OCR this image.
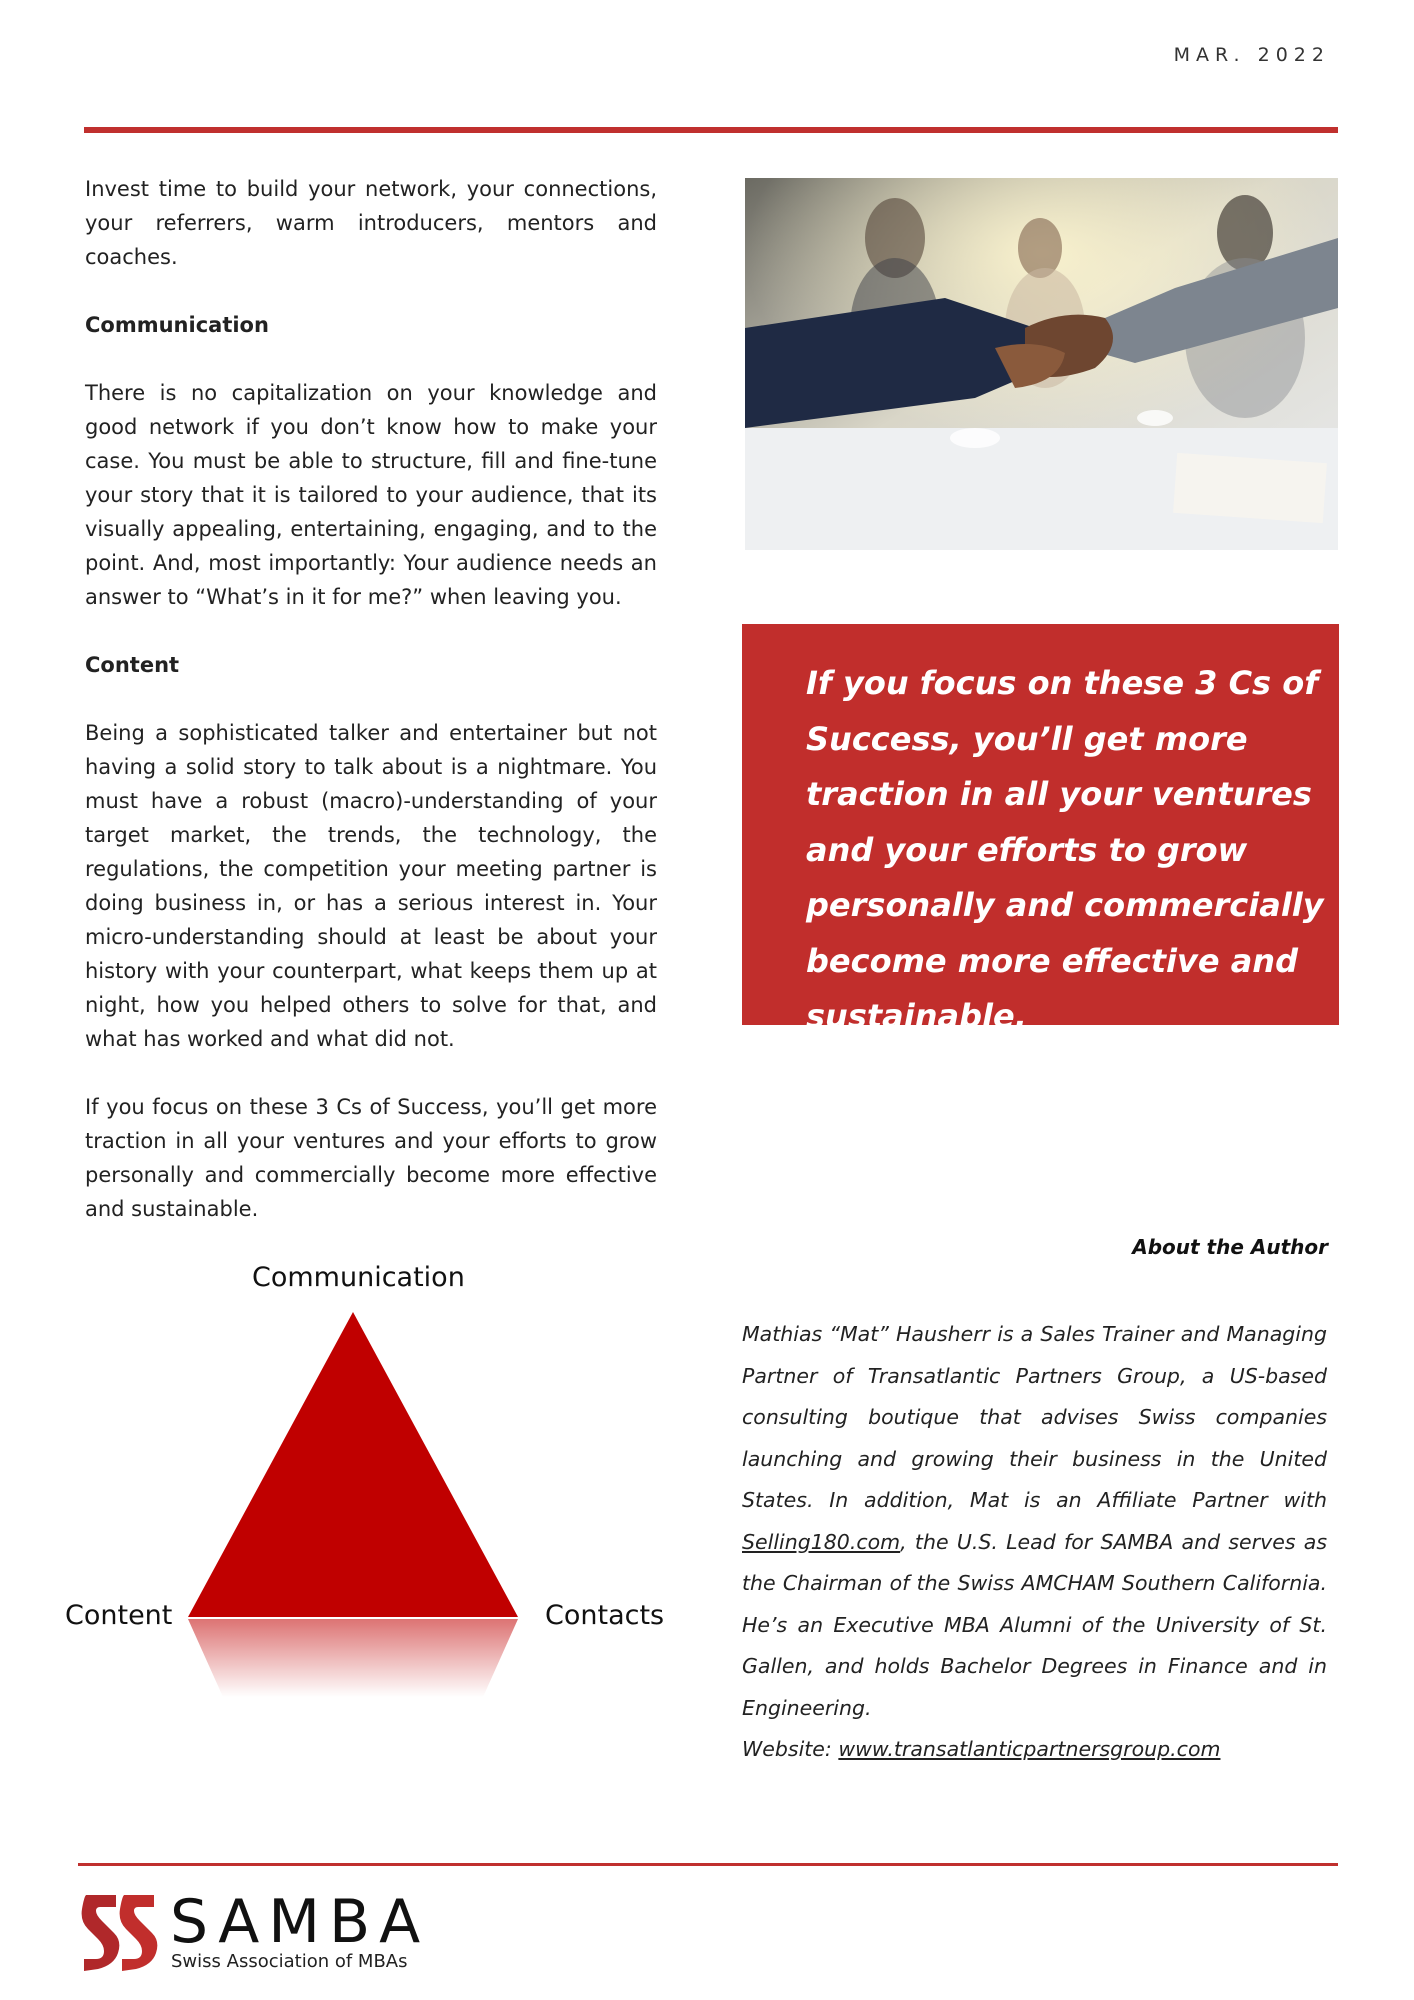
MAR. 2022

Invest time to build your network, your connections, your referrers, warm introducers, mentors and coaches.

Communication

There is no capitalization on your knowledge and good network if you don’t know how to make your case. You must be able to structure, fill and fine-tune your story that it is tailored to your audience, that its visually appealing, entertaining, engaging, and to the point. And, most importantly: Your audience needs an answer to “What’s in it for me?” when leaving you.

Content

Being a sophisticated talker and entertainer but not having a solid story to talk about is a nightmare. You must have a robust (macro)-understanding of your target market, the trends, the technology, the regulations, the competition your meeting partner is doing business in, or has a serious interest in. Your micro-understanding should at least be about your history with your counterpart, what keeps them up at night, how you helped others to solve for that, and what has worked and what did not.

If you focus on these 3 Cs of Success, you’ll get more traction in all your ventures and your efforts to grow personally and commercially become more effective and sustainable.

If you focus on these 3 Cs of Success, you’ll get more traction in all your ventures and your efforts to grow personally and commercially become more effective and sustainable.
Communication
Content	Contacts
About the Author

Mathias “Mat” Hausherr is a Sales Trainer and Managing Partner of Transatlantic Partners Group, a US-based consulting boutique that advises Swiss companies launching and growing their business in the United States. In addition, Mat is an Affiliate Partner with Selling180.com, the U.S. Lead for SAMBA and serves as the Chairman of the Swiss AMCHAM Southern California. He’s an Executive MBA Alumni of the University of St. Gallen, and holds Bachelor Degrees in Finance and in Engineering.

Website: www.transatlanticpartnersgroup.com

SAMBA
Swiss Association of MBAs
